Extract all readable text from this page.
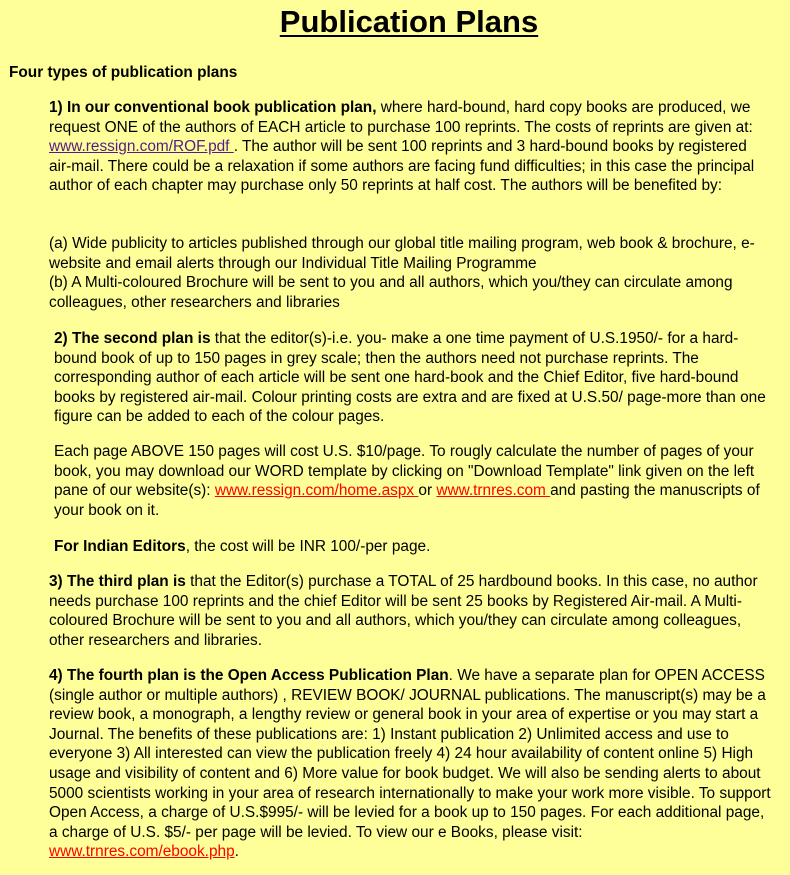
Publication Plans

Four types of publication plans

1) In our conventional book publication plan, where hard-bound, hard copy books are produced, we request ONE of the authors of EACH article to purchase 100 reprints. The costs of reprints are given at: www.ressign.com/ROF.pdf . The author will be sent 100 reprints and 3 hard-bound books by registered air-mail. There could be a relaxation if some authors are facing fund difficulties; in this case the principal author of each chapter may purchase only 50 reprints at half cost. The authors will be benefited by:

(a) Wide publicity to articles published through our global title mailing program, web book & brochure, e-website and email alerts through our Individual Title Mailing Programme
(b) A Multi-coloured Brochure will be sent to you and all authors, which you/they can circulate among colleagues, other researchers and libraries

2) The second plan is that the editor(s)-i.e. you- make a one time payment of U.S.1950/- for a hard-bound book of up to 150 pages in grey scale; then the authors need not purchase reprints. The corresponding author of each article will be sent one hard-book and the Chief Editor, five hard-bound books by registered air-mail. Colour printing costs are extra and are fixed at U.S.50/ page-more than one figure can be added to each of the colour pages.

Each page ABOVE 150 pages will cost U.S. $10/page. To rougly calculate the number of pages of your book, you may download our WORD template by clicking on "Download Template" link given on the left pane of our website(s): www.ressign.com/home.aspx or www.trnres.com and pasting the manuscripts of your book on it.

For Indian Editors, the cost will be INR 100/-per page.

3) The third plan is that the Editor(s) purchase a TOTAL of 25 hardbound books. In this case, no author needs purchase 100 reprints and the chief Editor will be sent 25 books by Registered Air-mail. A Multi-coloured Brochure will be sent to you and all authors, which you/they can circulate among colleagues, other researchers and libraries.

4) The fourth plan is the Open Access Publication Plan. We have a separate plan for OPEN ACCESS (single author or multiple authors) , REVIEW BOOK/ JOURNAL publications. The manuscript(s) may be a review book, a monograph, a lengthy review or general book in your area of expertise or you may start a Journal. The benefits of these publications are: 1) Instant publication 2) Unlimited access and use to everyone 3) All interested can view the publication freely 4) 24 hour availability of content online 5) High usage and visibility of content and 6) More value for book budget. We will also be sending alerts to about 5000 scientists working in your area of research internationally to make your work more visible. To support Open Access, a charge of U.S.$995/- will be levied for a book up to 150 pages. For each additional page, a charge of U.S. $5/- per page will be levied. To view our e Books, please visit: www.trnres.com/ebook.php.
